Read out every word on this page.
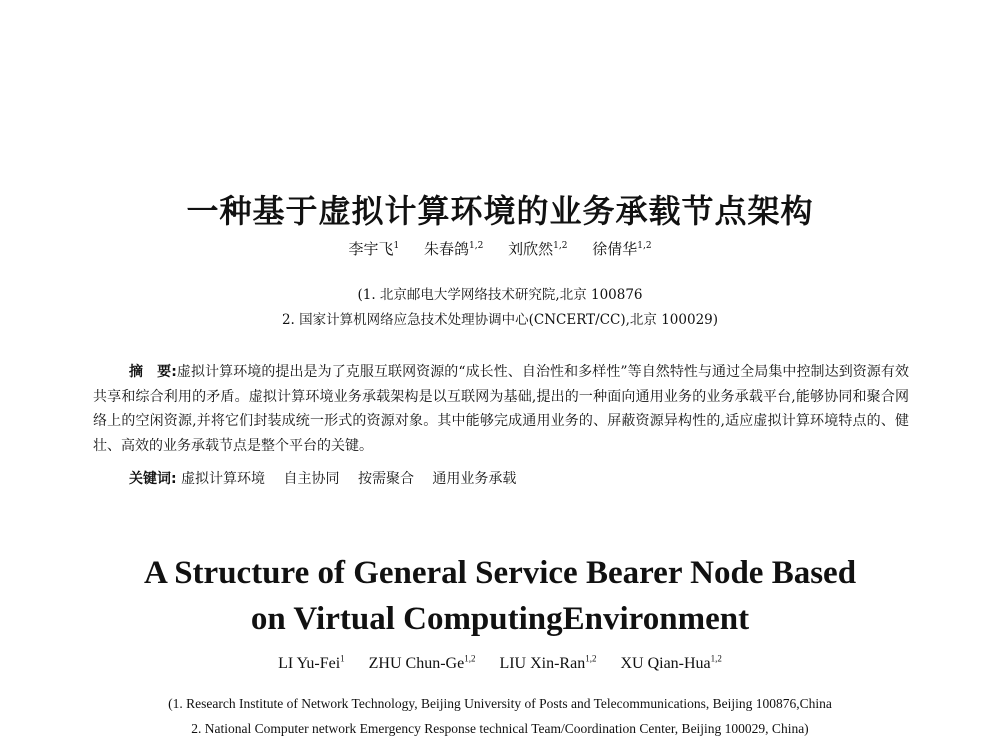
一种基于虚拟计算环境的业务承载节点架构
李宇飞$^1$ 朱春鸽$^{1,2}$ 刘欣然$^{1,2}$ 徐倩华$^{1,2}$
(1. 北京邮电大学网络技术研究院,北京 100876
2. 国家计算机网络应急技术处理协调中心(CNCERT/CC),北京 100029)

摘　要:虚拟计算环境的提出是为了克服互联网资源的“成长性、自治性和多样性”等自然特性与通过全局集中控制达到资源有效共享和综合利用的矛盾。虚拟计算环境业务承载架构是以互联网为基础,提出的一种面向通用业务的业务承载平台,能够协同和聚合网络上的空闲资源,并将它们封装成统一形式的资源对象。其中能够完成通用业务的、屏蔽资源异构性的,适应虚拟计算环境特点的、健壮、高效的业务承载节点是整个平台的关键。

关键词: 虚拟计算环境 自主协同 按需聚合 通用业务承载
A Structure of General Service Bearer Node Based
on Virtual ComputingEnvironment
LI Yu-Fei$^1$ ZHU Chun-Ge$^{1,2}$ LIU Xin-Ran$^{1,2}$ XU Qian-Hua$^{1,2}$
(1. Research Institute of Network Technology, Beijing University of Posts and Telecommunications, Beijing 100876,China
2. National Computer network Emergency Response technical Team/Coordination Center, Beijing 100029, China)
